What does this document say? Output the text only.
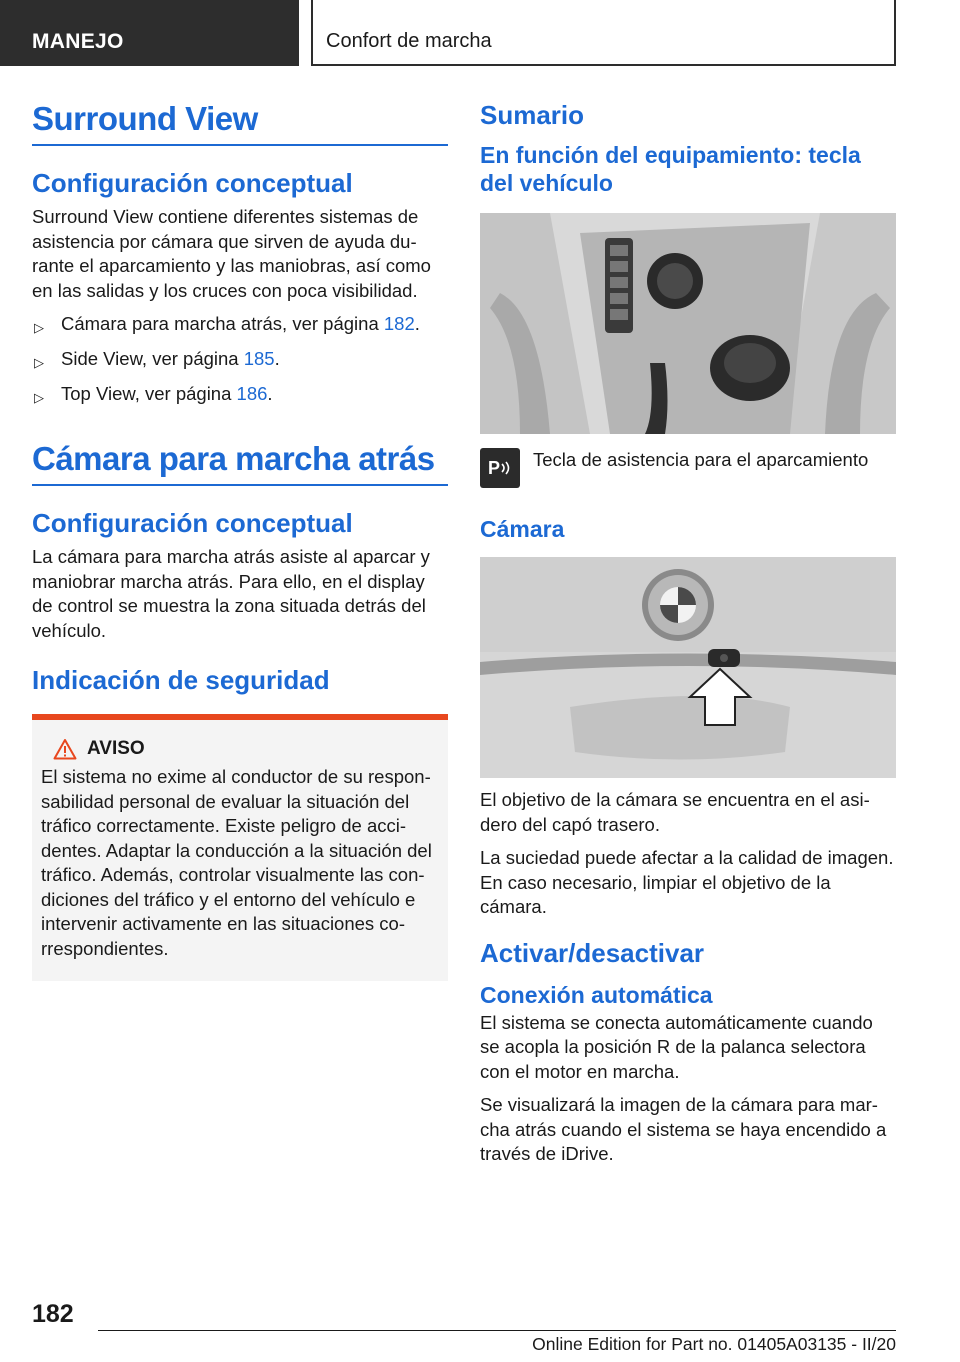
MANEJO	Confort de marcha
Surround View
Configuración conceptual
Surround View contiene diferentes sistemas de asistencia por cámara que sirven de ayuda durante el aparcamiento y las maniobras, así como en las salidas y los cruces con poca visibilidad.
▷ Cámara para marcha atrás, ver página 182.
▷ Side View, ver página 185.
▷ Top View, ver página 186.
Cámara para marcha atrás
Configuración conceptual
La cámara para marcha atrás asiste al aparcar y maniobrar marcha atrás. Para ello, en el display de control se muestra la zona situada detrás del vehículo.
Indicación de seguridad
AVISO
El sistema no exime al conductor de su responsabilidad personal de evaluar la situación del tráfico correctamente. Existe peligro de accidentes. Adaptar la conducción a la situación del tráfico. Además, controlar visualmente las condiciones del tráfico y el entorno del vehículo e intervenir activamente en las situaciones correspondientes.
Sumario
En función del equipamiento: tecla del vehículo
P Tecla de asistencia para el aparcamiento
Cámara
El objetivo de la cámara se encuentra en el asidero del capó trasero.
La suciedad puede afectar a la calidad de imagen. En caso necesario, limpiar el objetivo de la cámara.
Activar/desactivar
Conexión automática
El sistema se conecta automáticamente cuando se acopla la posición R de la palanca selectora con el motor en marcha.
Se visualizará la imagen de la cámara para marcha atrás cuando el sistema se haya encendido a través de iDrive.
182
Online Edition for Part no. 01405A03135 - II/20
